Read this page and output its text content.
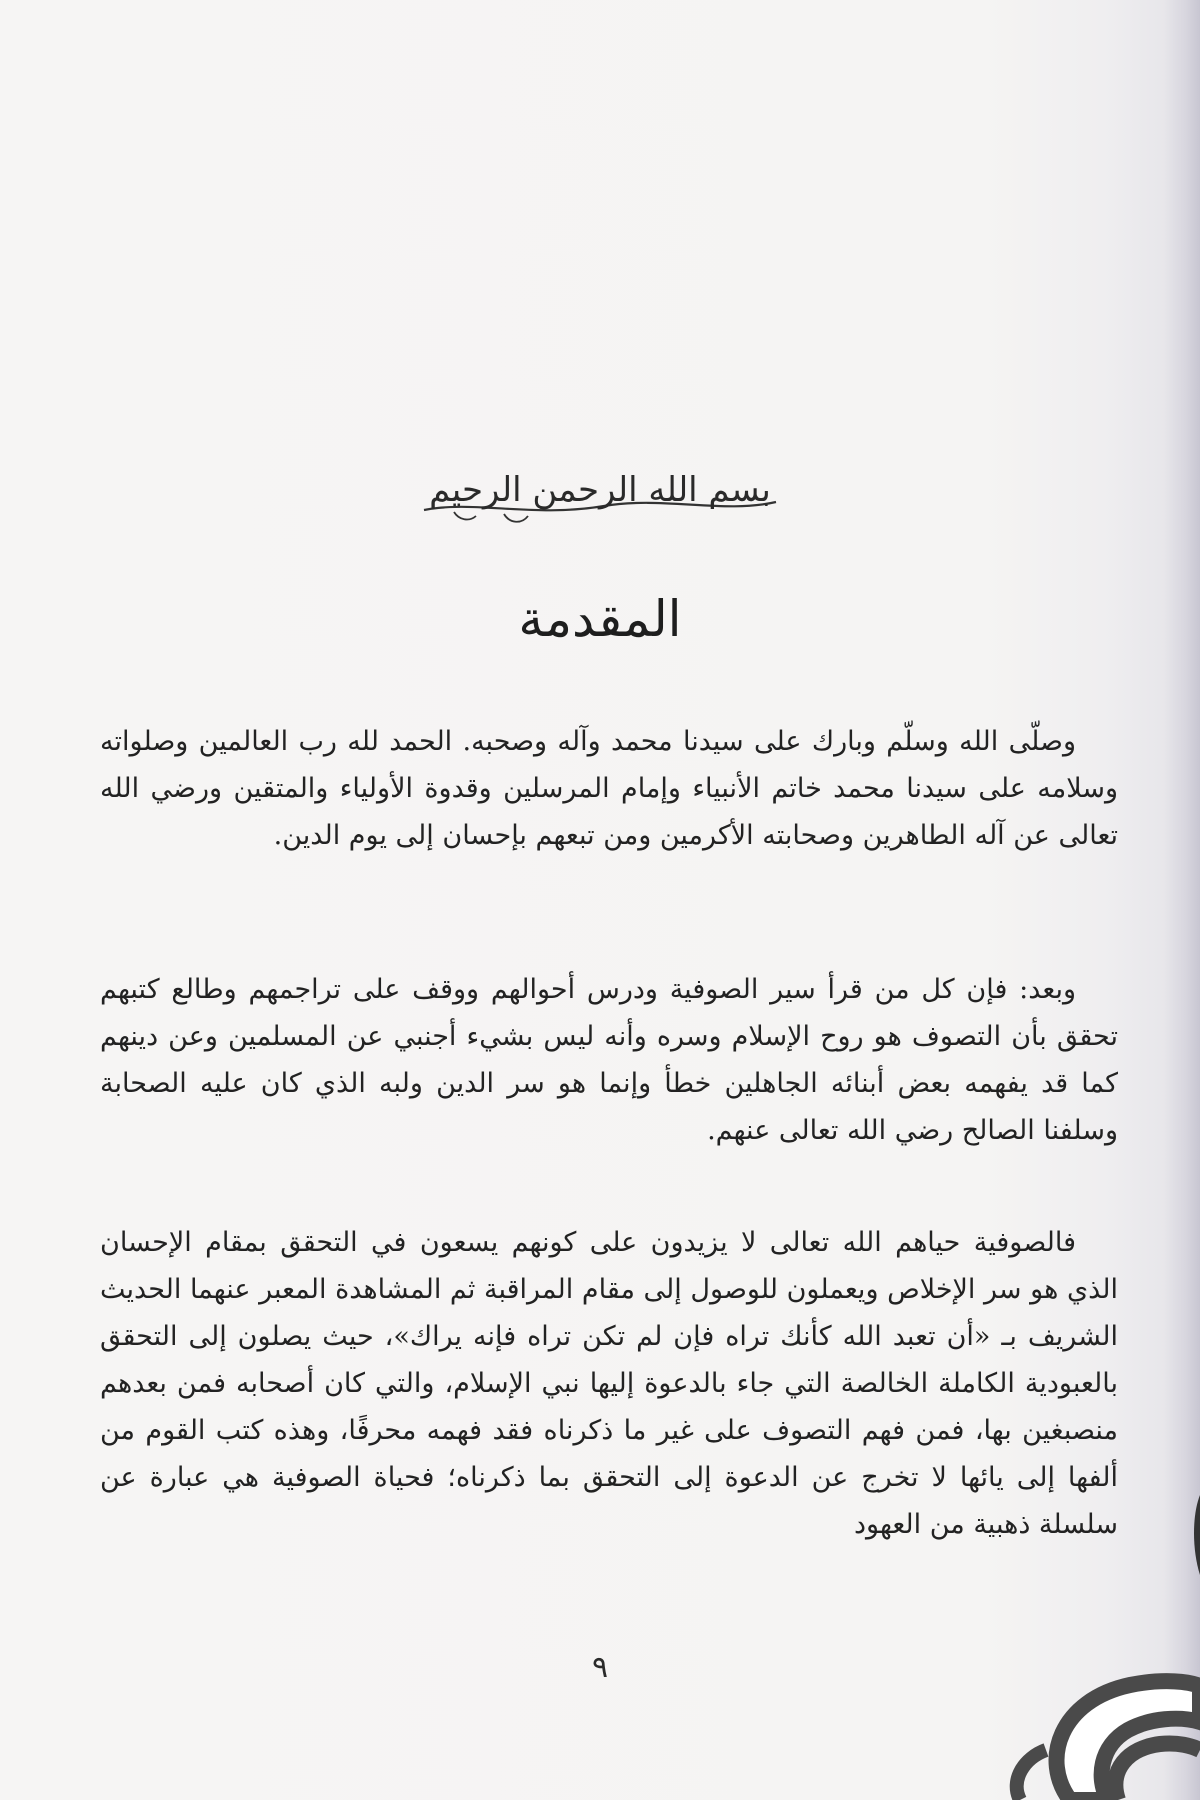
بسم الله الرحمن الرحيم
المقدمة

وصلّى الله وسلّم وبارك على سيدنا محمد وآله وصحبه. الحمد لله رب العالمين وصلواته وسلامه على سيدنا محمد خاتم الأنبياء وإمام المرسلين وقدوة الأولياء والمتقين ورضي الله تعالى عن آله الطاهرين وصحابته الأكرمين ومن تبعهم بإحسان إلى يوم الدين.

وبعد: فإن كل من قرأ سير الصوفية ودرس أحوالهم ووقف على تراجمهم وطالع كتبهم تحقق بأن التصوف هو روح الإسلام وسره وأنه ليس بشيء أجنبي عن المسلمين وعن دينهم كما قد يفهمه بعض أبنائه الجاهلين خطأ وإنما هو سر الدين ولبه الذي كان عليه الصحابة وسلفنا الصالح رضي الله تعالى عنهم.

فالصوفية حياهم الله تعالى لا يزيدون على كونهم يسعون في التحقق بمقام الإحسان الذي هو سر الإخلاص ويعملون للوصول إلى مقام المراقبة ثم المشاهدة المعبر عنهما الحديث الشريف بـ «أن تعبد الله كأنك تراه فإن لم تكن تراه فإنه يراك»، حيث يصلون إلى التحقق بالعبودية الكاملة الخالصة التي جاء بالدعوة إليها نبي الإسلام، والتي كان أصحابه فمن بعدهم منصبغين بها، فمن فهم التصوف على غير ما ذكرناه فقد فهمه محرفًا، وهذه كتب القوم من ألفها إلى يائها لا تخرج عن الدعوة إلى التحقق بما ذكرناه؛ فحياة الصوفية هي عبارة عن سلسلة ذهبية من العهود

٩
